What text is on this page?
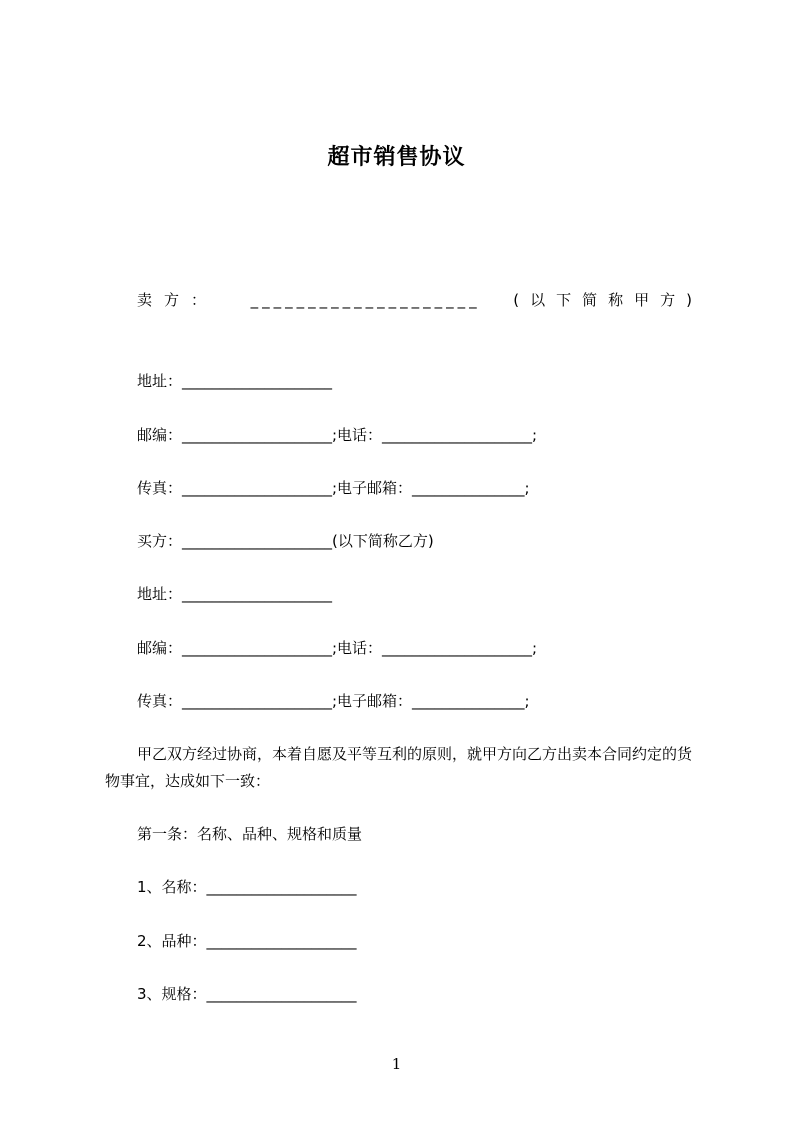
超市销售协议
卖方： ____________________ (以下简称甲方)
地址：____________________
邮编：____________________;电话：____________________;
传真：____________________;电子邮箱：_______________;
买方：____________________(以下简称乙方)
地址：____________________
邮编：____________________;电话：____________________;
传真：____________________;电子邮箱：_______________;
甲乙双方经过协商，本着自愿及平等互利的原则，就甲方向乙方出卖本合同约定的货物事宜，达成如下一致：
第一条：名称、品种、规格和质量
1、名称：____________________
2、品种：____________________
3、规格：____________________
1
